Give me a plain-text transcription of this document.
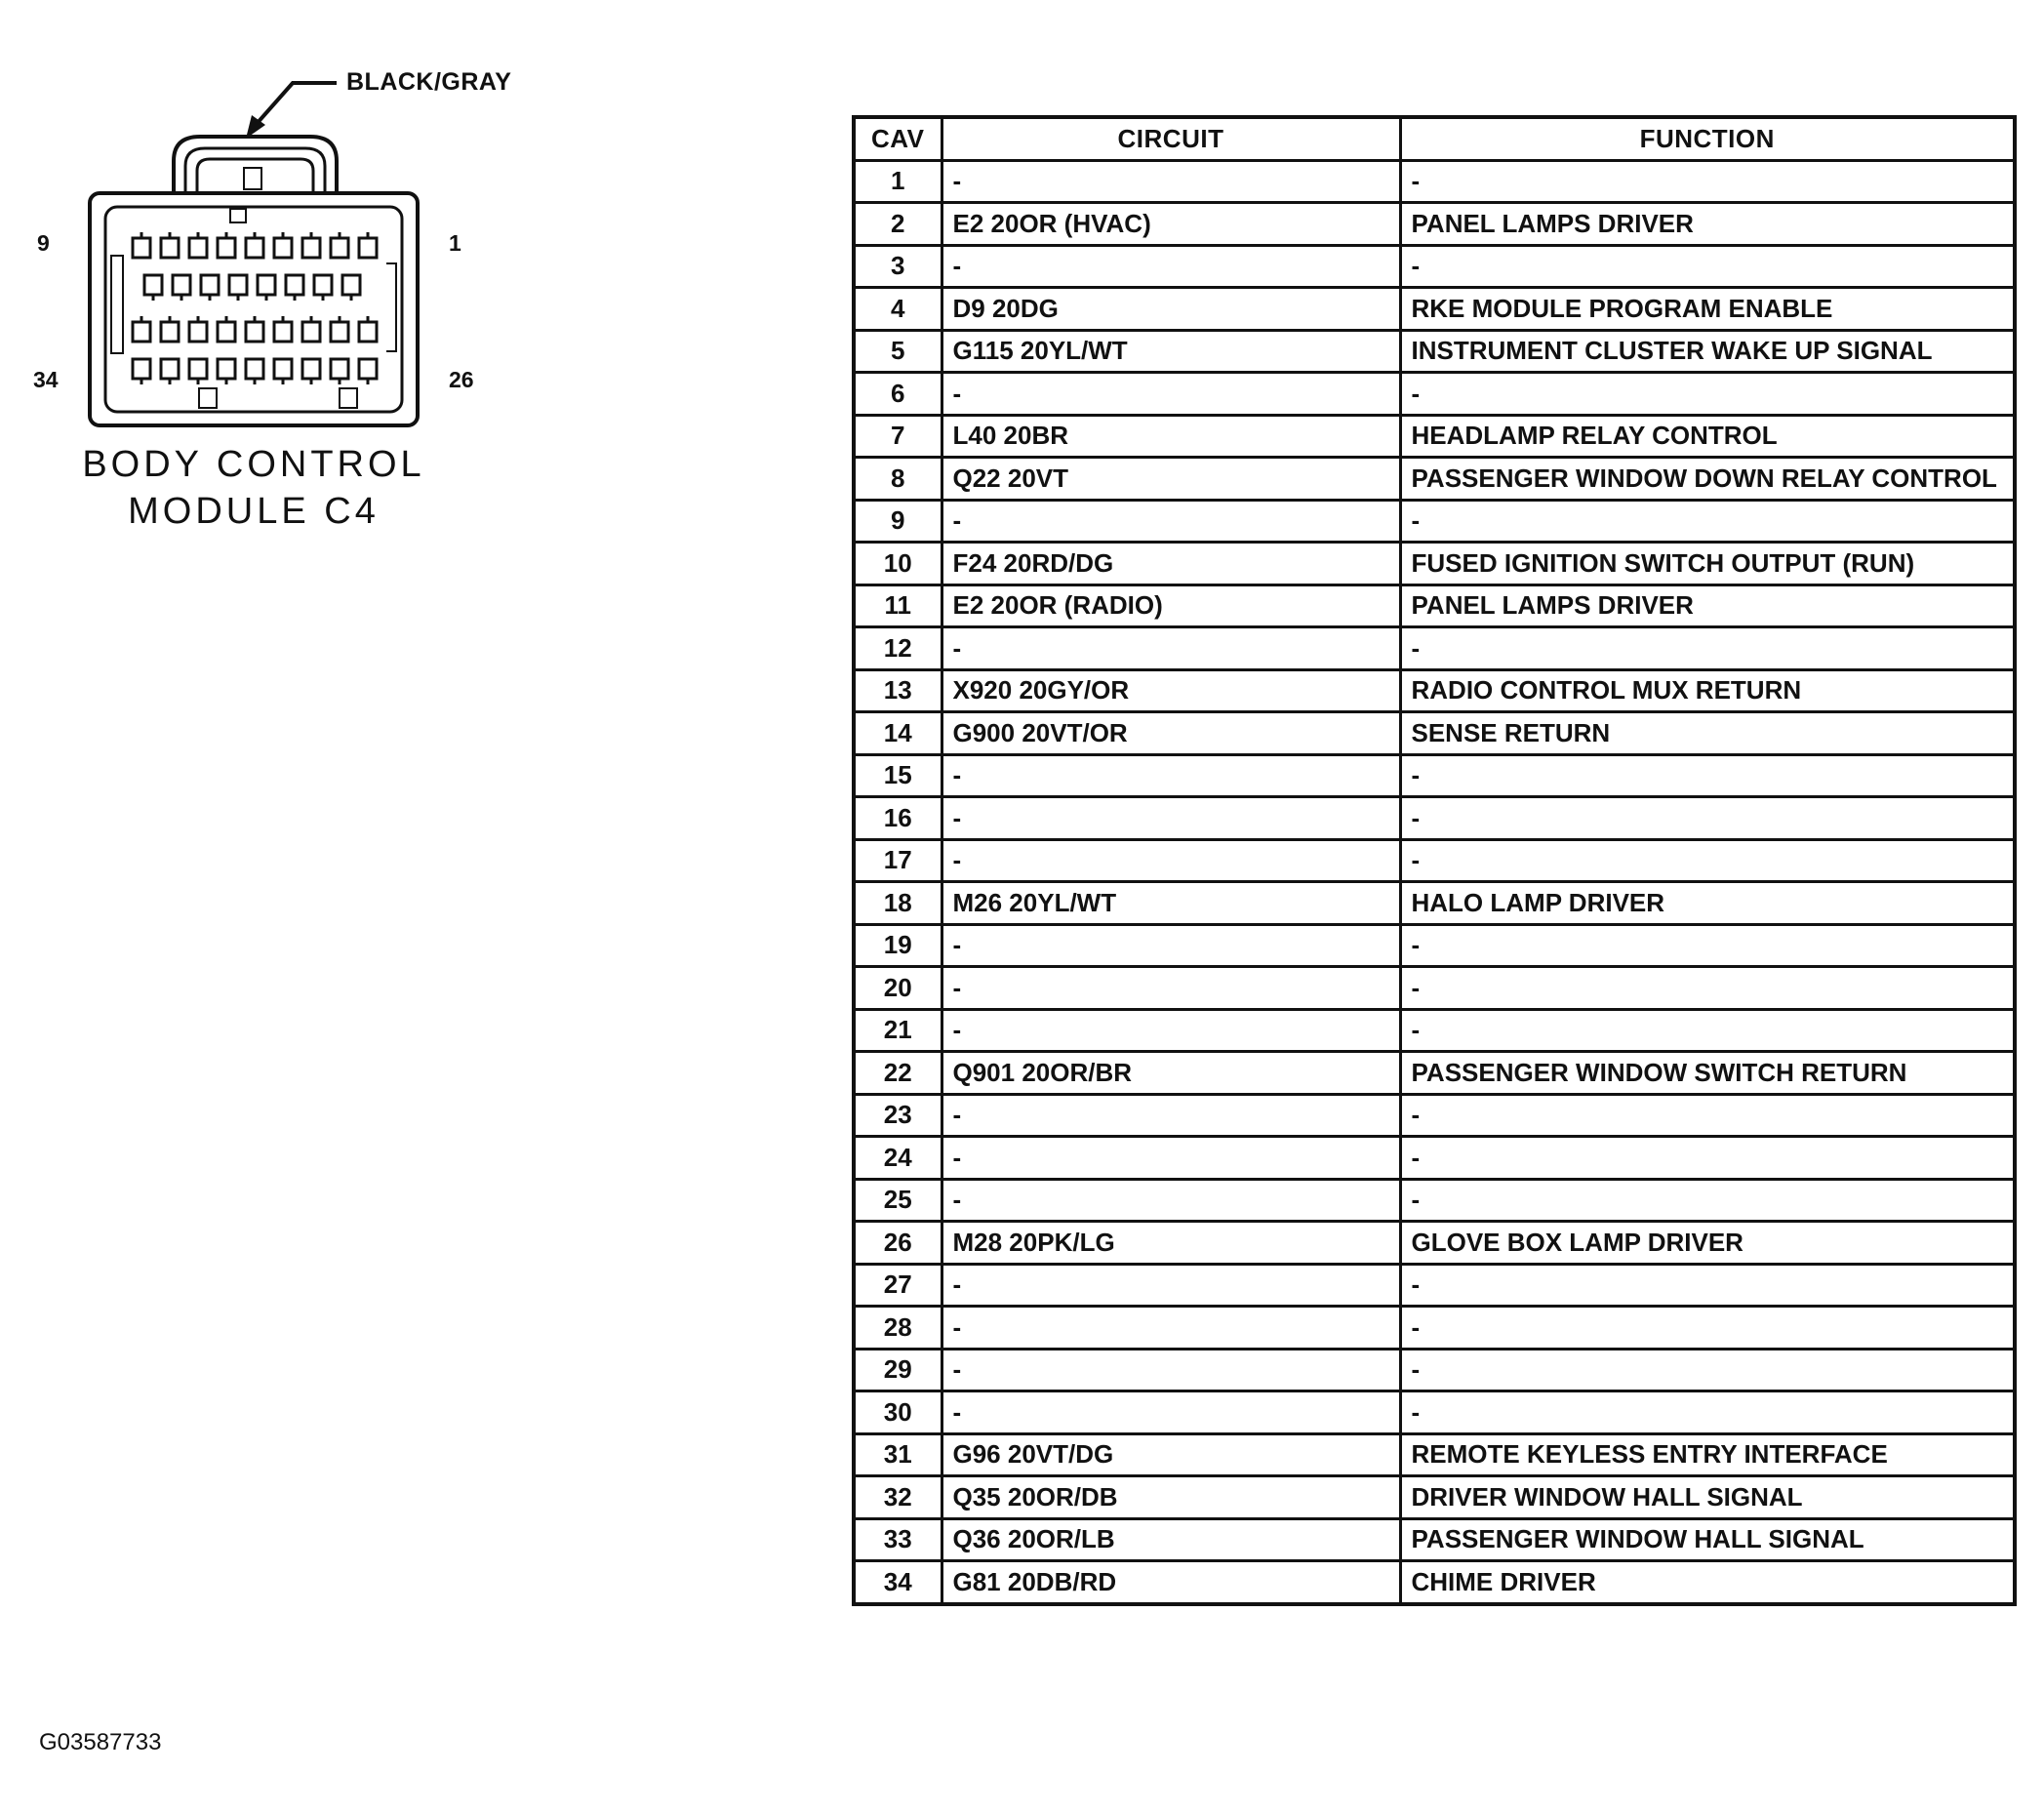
BLACK/GRAY
9	1
34	26
BODY CONTROL
MODULE C4
CAV	CIRCUIT	FUNCTION
1	-	-
2	E2 20OR (HVAC)	PANEL LAMPS DRIVER
3	-	-
4	D9 20DG	RKE MODULE PROGRAM ENABLE
5	G115 20YL/WT	INSTRUMENT CLUSTER WAKE UP SIGNAL
6	-	-
7	L40 20BR	HEADLAMP RELAY CONTROL
8	Q22 20VT	PASSENGER WINDOW DOWN RELAY CONTROL
9	-	-
10	F24 20RD/DG	FUSED IGNITION SWITCH OUTPUT (RUN)
11	E2 20OR (RADIO)	PANEL LAMPS DRIVER
12	-	-
13	X920 20GY/OR	RADIO CONTROL MUX RETURN
14	G900 20VT/OR	SENSE RETURN
15	-	-
16	-	-
17	-	-
18	M26 20YL/WT	HALO LAMP DRIVER
19	-	-
20	-	-
21	-	-
22	Q901 20OR/BR	PASSENGER WINDOW SWITCH RETURN
23	-	-
24	-	-
25	-	-
26	M28 20PK/LG	GLOVE BOX LAMP DRIVER
27	-	-
28	-	-
29	-	-
30	-	-
31	G96 20VT/DG	REMOTE KEYLESS ENTRY INTERFACE
32	Q35 20OR/DB	DRIVER WINDOW HALL SIGNAL
33	Q36 20OR/LB	PASSENGER WINDOW HALL SIGNAL
34	G81 20DB/RD	CHIME DRIVER
G03587733
